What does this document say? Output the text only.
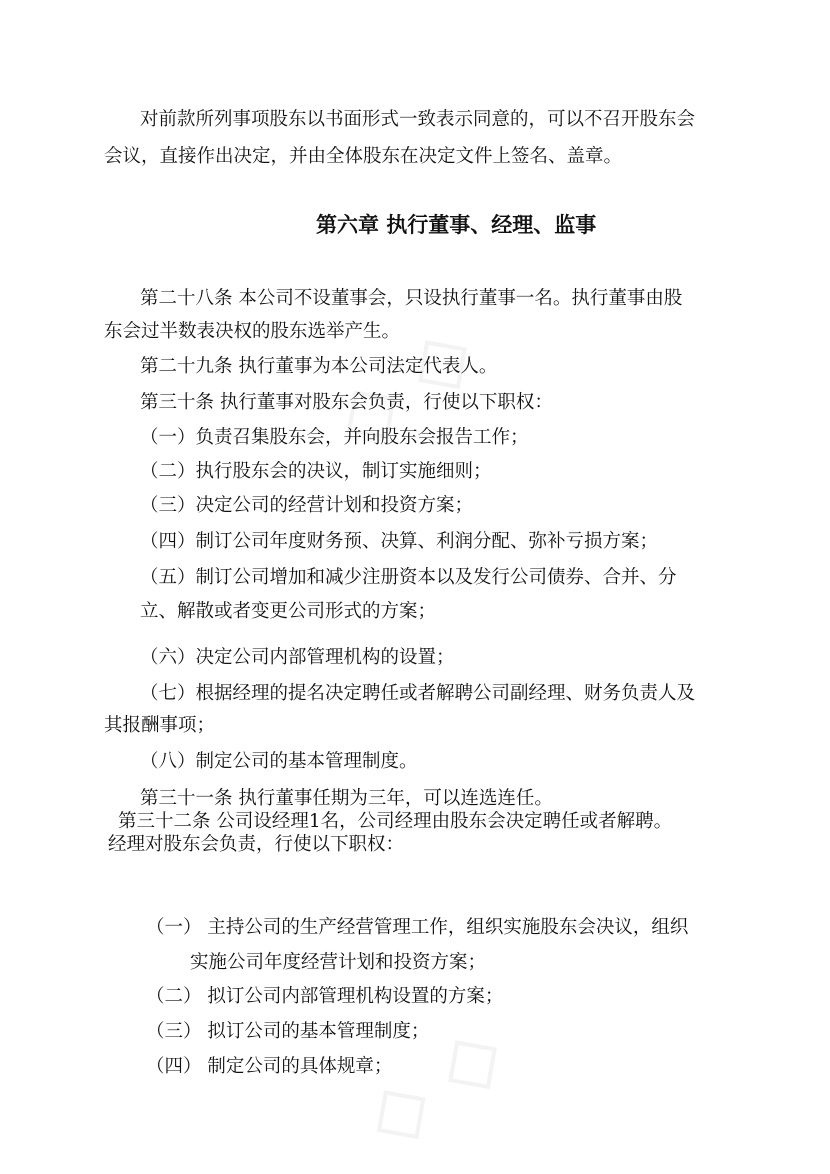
对前款所列事项股东以书面形式一致表示同意的，可以不召开股东会

会议，直接作出决定，并由全体股东在决定文件上签名、盖章。

第六章 执行董事、经理、监事

第二十八条 本公司不设董事会，只设执行董事一名。执行董事由股

东会过半数表决权的股东选举产生。

第二十九条 执行董事为本公司法定代表人。

第三十条 执行董事对股东会负责，行使以下职权：

（一）负责召集股东会，并向股东会报告工作；

（二）执行股东会的决议，制订实施细则；

（三）决定公司的经营计划和投资方案；

（四）制订公司年度财务预、决算、利润分配、弥补亏损方案；

（五）制订公司增加和减少注册资本以及发行公司债券、合并、分

立、解散或者变更公司形式的方案；

（六）决定公司内部管理机构的设置；

（七）根据经理的提名决定聘任或者解聘公司副经理、财务负责人及

其报酬事项；

（八）制定公司的基本管理制度。

第三十一条 执行董事任期为三年，可以连选连任。

第三十二条 公司设经理1名，公司经理由股东会决定聘任或者解聘。

经理对股东会负责，行使以下职权：

（一） 主持公司的生产经营管理工作，组织实施股东会决议，组织

实施公司年度经营计划和投资方案；

（二） 拟订公司内部管理机构设置的方案；

（三） 拟订公司的基本管理制度；

（四） 制定公司的具体规章；
